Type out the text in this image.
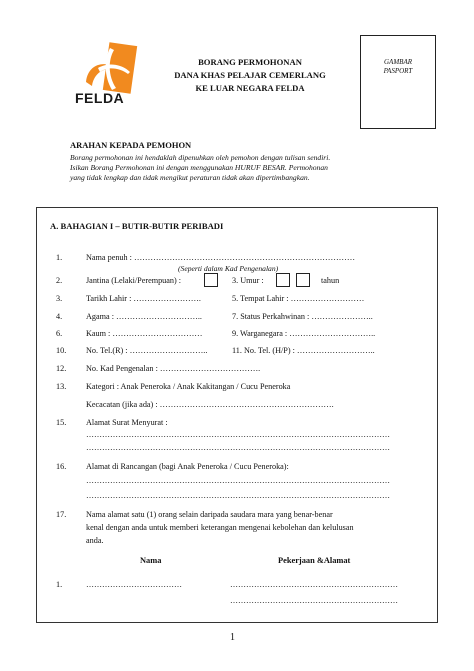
FELDA
BORANG PERMOHONAN
DANA KHAS PELAJAR CEMERLANG
KE LUAR NEGARA FELDA
GAMBAR
PASPORT
ARAHAN KEPADA PEMOHON
Borang permohonan ini hendaklah dipenuhkan oleh pemohon dengan tulisan sendiri.
Isikan Borang Permohonan ini dengan menggunakan HURUF BESAR. Permohonan
yang tidak lengkap dan tidak mengikut peraturan tidak akan dipertimbangkan.
A. BAHAGIAN I – BUTIR-BUTIR PERIBADI
1.	Nama penuh : ………………………………………………………………………
(Seperti dalam Kad Pengenalan)
2.	Jantina (Lelaki/Perempuan) :	3. Umur :	tahun
3.	Tarikh Lahir : …………………….	5. Tempat Lahir : ………………………
4.	Agama : …………………………..	7. Status Perkahwinan : …………………..
6.	Kaum : ……………………………	9. Warganegara : …………………………..
10. No. Tel.(R) : ………………………..	11. No. Tel. (H/P) : ………………………..
12. No. Kad Pengenalan : ……………………………….
13. Kategori : Anak Peneroka / Anak Kakitangan / Cucu Peneroka
Kecacatan (jika ada) : ……………………………………………………….
15. Alamat Surat Menyurat :
……………………………………………………………………………………………………
……………………………………………………………………………………………………
16. Alamat di Rancangan (bagi Anak Peneroka / Cucu Peneroka):
……………………………………………………………………………………………………
……………………………………………………………………………………………………
17. Nama alamat satu (1) orang selain daripada saudara mara yang benar-benar
kenal dengan anda untuk memberi keterangan mengenai kebolehan dan kelulusan
anda.
Nama	Pekerjaan &Alamat
1.	………………………………	………………………………………………………
………………………………………………………
1
